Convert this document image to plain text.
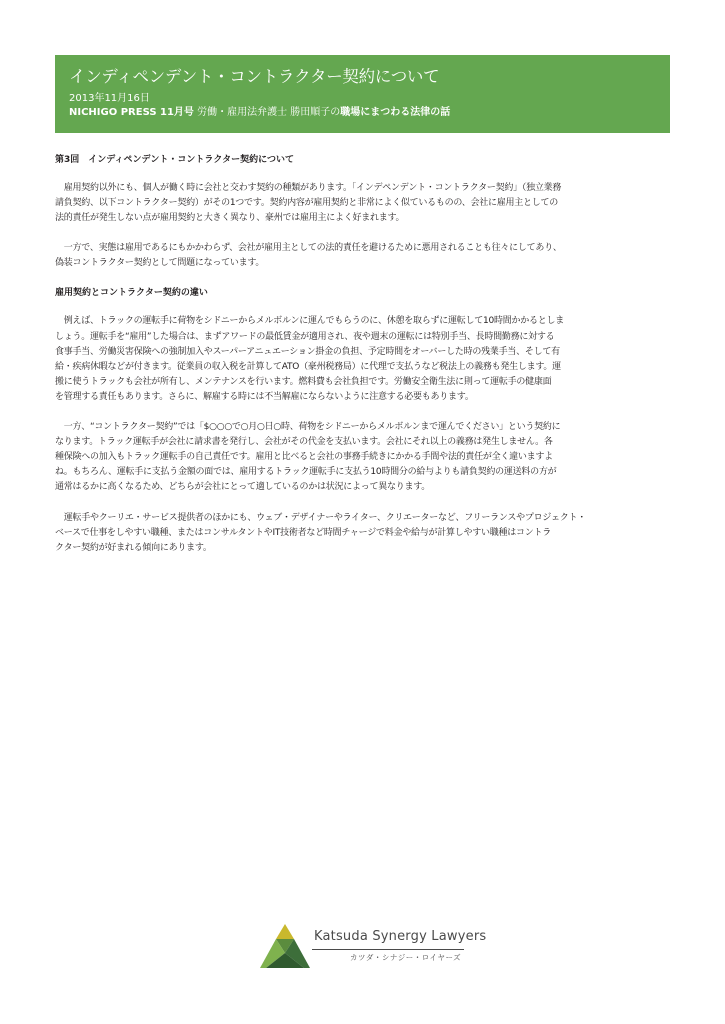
インディペンデント・コントラクター契約について
2013年11月16日
NICHIGO PRESS 11月号 労働・雇用法弁護士 勝田順子の職場にまつわる法律の話
第3回　インディペンデント・コントラクター契約について
　雇用契約以外にも、個人が働く時に会社と交わす契約の種類があります。「インデペンデント・コントラクター契約」（独立業務
請負契約、以下コントラクター契約）がその1つです。契約内容が雇用契約と非常によく似ているものの、会社に雇用主としての
法的責任が発生しない点が雇用契約と大きく異なり、豪州では雇用主によく好まれます。
　一方で、実態は雇用であるにもかかわらず、会社が雇用主としての法的責任を避けるために悪用されることも往々にしてあり、
偽装コントラクター契約として問題になっています。
雇用契約とコントラクター契約の違い
　例えば、トラックの運転手に荷物をシドニーからメルボルンに運んでもらうのに、休憩を取らずに運転して10時間かかるとしま
しょう。運転手を“雇用”した場合は、まずアワードの最低賃金が適用され、夜や週末の運転には特別手当、長時間勤務に対する
食事手当、労働災害保険への強制加入やスーパーアニュエーション掛金の負担、予定時間をオーバーした時の残業手当、そして有
給・疾病休暇などが付きます。従業員の収入税を計算してATO（豪州税務局）に代理で支払うなど税法上の義務も発生します。運
搬に使うトラックも会社が所有し、メンテナンスを行います。燃料費も会社負担です。労働安全衛生法に則って運転手の健康面
を管理する責任もあります。さらに、解雇する時には不当解雇にならないように注意する必要もあります。
　一方、“コントラクター契約”では「$○○○で○月○日○時、荷物をシドニーからメルボルンまで運んでください」という契約に
なります。トラック運転手が会社に請求書を発行し、会社がその代金を支払います。会社にそれ以上の義務は発生しません。各
種保険への加入もトラック運転手の自己責任です。雇用と比べると会社の事務手続きにかかる手間や法的責任が全く違いますよ
ね。もちろん、運転手に支払う金額の面では、雇用するトラック運転手に支払う10時間分の給与よりも請負契約の運送料の方が
通常はるかに高くなるため、どちらが会社にとって適しているのかは状況によって異なります。
　運転手やクーリエ・サービス提供者のほかにも、ウェブ・デザイナーやライター、クリエーターなど、フリーランスやプロジェクト・
ベースで仕事をしやすい職種、またはコンサルタントやIT技術者など時間チャージで料金や給与が計算しやすい職種はコントラ
クター契約が好まれる傾向にあります。
Katsuda Synergy Lawyers
カツダ・シナジー・ロイヤーズ
